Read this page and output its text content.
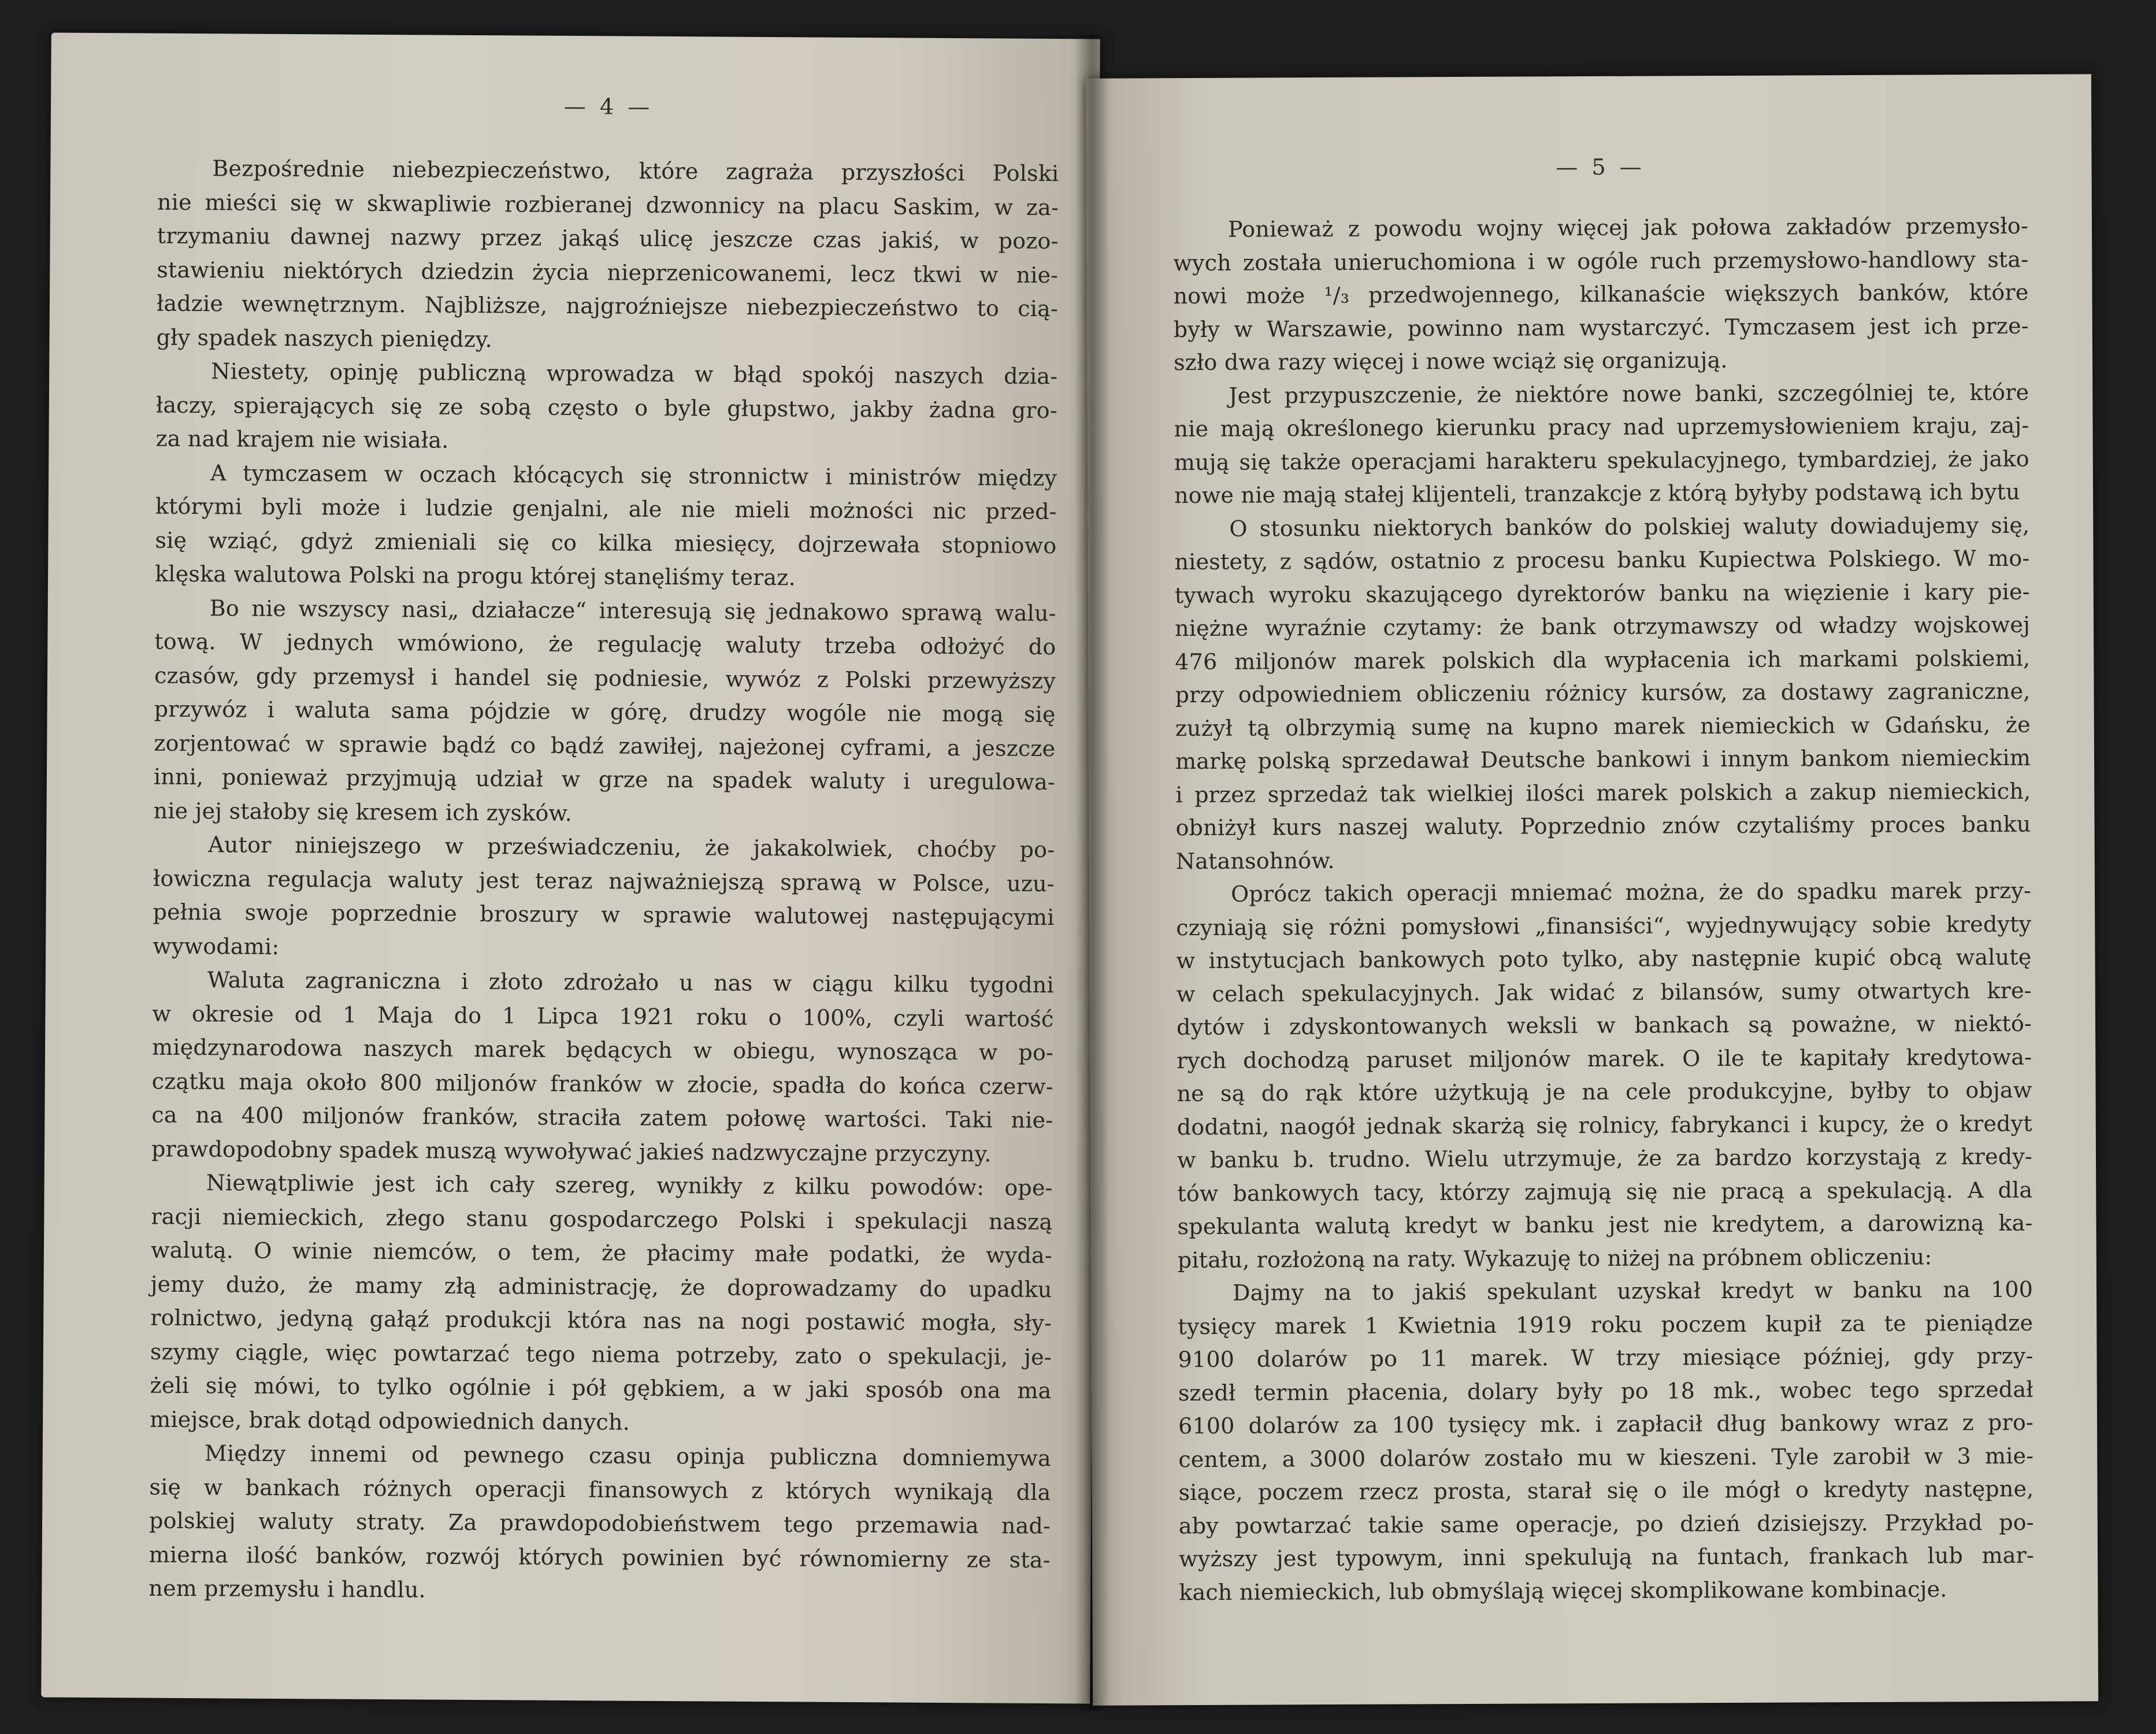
— 4 —
Bezpośrednie niebezpieczeństwo, które zagraża przyszłości Polski
nie mieści się w skwapliwie rozbieranej dzwonnicy na placu Saskim, w za-
trzymaniu dawnej nazwy przez jakąś ulicę jeszcze czas jakiś, w pozo-
stawieniu niektórych dziedzin życia nieprzenicowanemi, lecz tkwi w nie-
ładzie wewnętrznym. Najbliższe, najgroźniejsze niebezpieczeństwo to cią-
gły spadek naszych pieniędzy.
Niestety, opinję publiczną wprowadza w błąd spokój naszych dzia-
łaczy, spierających się ze sobą często o byle głupstwo, jakby żadna gro-
za nad krajem nie wisiała.
A tymczasem w oczach kłócących się stronnictw i ministrów między
którymi byli może i ludzie genjalni, ale nie mieli możności nic przed-
się wziąć, gdyż zmieniali się co kilka miesięcy, dojrzewała stopniowo
klęska walutowa Polski na progu której stanęliśmy teraz.
Bo nie wszyscy nasi„ działacze“ interesują się jednakowo sprawą walu-
tową. W jednych wmówiono, że regulację waluty trzeba odłożyć do
czasów, gdy przemysł i handel się podniesie, wywóz z Polski przewyższy
przywóz i waluta sama pójdzie w górę, drudzy wogóle nie mogą się
zorjentować w sprawie bądź co bądź zawiłej, najeżonej cyframi, a jeszcze
inni, ponieważ przyjmują udział w grze na spadek waluty i uregulowa-
nie jej stałoby się kresem ich zysków.
Autor niniejszego w przeświadczeniu, że jakakolwiek, choćby po-
łowiczna regulacja waluty jest teraz najważniejszą sprawą w Polsce, uzu-
pełnia swoje poprzednie broszury w sprawie walutowej następującymi
wywodami:
Waluta zagraniczna i złoto zdrożało u nas w ciągu kilku tygodni
w okresie od 1 Maja do 1 Lipca 1921 roku o 100%, czyli wartość
międzynarodowa naszych marek będących w obiegu, wynosząca w po-
czątku maja około 800 miljonów franków w złocie, spadła do końca czerw-
ca na 400 miljonów franków, straciła zatem połowę wartości. Taki nie-
prawdopodobny spadek muszą wywoływać jakieś nadzwyczajne przyczyny.
Niewątpliwie jest ich cały szereg, wynikły z kilku powodów: ope-
racji niemieckich, złego stanu gospodarczego Polski i spekulacji naszą
walutą. O winie niemców, o tem, że płacimy małe podatki, że wyda-
jemy dużo, że mamy złą administrację, że doprowadzamy do upadku
rolnictwo, jedyną gałąź produkcji która nas na nogi postawić mogła, sły-
szymy ciągle, więc powtarzać tego niema potrzeby, zato o spekulacji, je-
żeli się mówi, to tylko ogólnie i pół gębkiem, a w jaki sposób ona ma
miejsce, brak dotąd odpowiednich danych.
Między innemi od pewnego czasu opinja publiczna domniemywa
się w bankach różnych operacji finansowych z których wynikają dla
polskiej waluty straty. Za prawdopodobieństwem tego przemawia nad-
mierna ilość banków, rozwój których powinien być równomierny ze sta-
nem przemysłu i handlu.
— 5 —
Ponieważ z powodu wojny więcej jak połowa zakładów przemysło-
wych została unieruchomiona i w ogóle ruch przemysłowo-handlowy sta-
nowi może ¹/₃ przedwojennego, kilkanaście większych banków, które
były w Warszawie, powinno nam wystarczyć. Tymczasem jest ich prze-
szło dwa razy więcej i nowe wciąż się organizują.
Jest przypuszczenie, że niektóre nowe banki, szczególniej te, które
nie mają określonego kierunku pracy nad uprzemysłowieniem kraju, zaj-
mują się także operacjami harakteru spekulacyjnego, tymbardziej, że jako
nowe nie mają stałej klijenteli, tranzakcje z którą byłyby podstawą ich bytu
O stosunku niektorych banków do polskiej waluty dowiadujemy się,
niestety, z sądów, ostatnio z procesu banku Kupiectwa Polskiego. W mo-
tywach wyroku skazującego dyrektorów banku na więzienie i kary pie-
niężne wyraźnie czytamy: że bank otrzymawszy od władzy wojskowej
476 miljonów marek polskich dla wypłacenia ich markami polskiemi,
przy odpowiedniem obliczeniu różnicy kursów, za dostawy zagraniczne,
zużył tą olbrzymią sumę na kupno marek niemieckich w Gdańsku, że
markę polską sprzedawał Deutsche bankowi i innym bankom niemieckim
i przez sprzedaż tak wielkiej ilości marek polskich a zakup niemieckich,
obniżył kurs naszej waluty. Poprzednio znów czytaliśmy proces banku
Natansohnów.
Oprócz takich operacji mniemać można, że do spadku marek przy-
czyniają się różni pomysłowi „finansiści“, wyjednywujący sobie kredyty
w instytucjach bankowych poto tylko, aby następnie kupić obcą walutę
w celach spekulacyjnych. Jak widać z bilansów, sumy otwartych kre-
dytów i zdyskontowanych weksli w bankach są poważne, w niektó-
rych dochodzą paruset miljonów marek. O ile te kapitały kredytowa-
ne są do rąk które użytkują je na cele produkcyjne, byłby to objaw
dodatni, naogół jednak skarżą się rolnicy, fabrykanci i kupcy, że o kredyt
w banku b. trudno. Wielu utrzymuje, że za bardzo korzystają z kredy-
tów bankowych tacy, którzy zajmują się nie pracą a spekulacją. A dla
spekulanta walutą kredyt w banku jest nie kredytem, a darowizną ka-
pitału, rozłożoną na raty. Wykazuję to niżej na próbnem obliczeniu:
Dajmy na to jakiś spekulant uzyskał kredyt w banku na 100
tysięcy marek 1 Kwietnia 1919 roku poczem kupił za te pieniądze
9100 dolarów po 11 marek. W trzy miesiące później, gdy przy-
szedł termin płacenia, dolary były po 18 mk., wobec tego sprzedał
6100 dolarów za 100 tysięcy mk. i zapłacił dług bankowy wraz z pro-
centem, a 3000 dolarów zostało mu w kieszeni. Tyle zarobił w 3 mie-
siące, poczem rzecz prosta, starał się o ile mógł o kredyty następne,
aby powtarzać takie same operacje, po dzień dzisiejszy. Przykład po-
wyższy jest typowym, inni spekulują na funtach, frankach lub mar-
kach niemieckich, lub obmyślają więcej skomplikowane kombinacje.
